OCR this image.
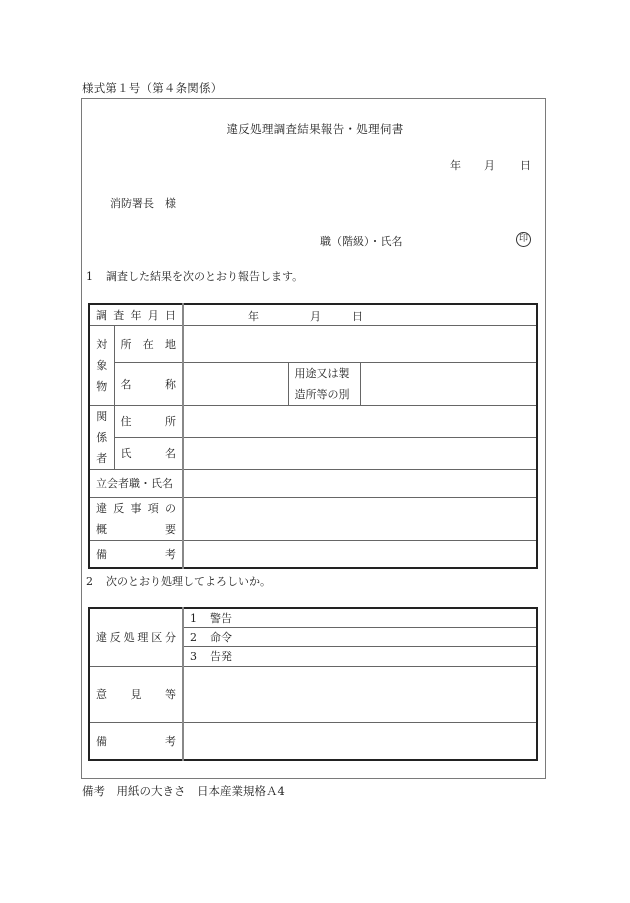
様式第１号（第４条関係）
違反処理調査結果報告・処理伺書
年 月 日
消防署長　様
職（階級）・氏名	印
1 調査した結果を次のとおり報告します。
調 査 年 月 日		年 月 日		

対
象
物	所 在 地			

	名 称		用途又は製
造所等の別	

関
係
者	住 所			

	氏 名			

立会者職・氏名				

違 反 事 項 の
概	要

備 考				

2 次のとおり処理してよろしいか。
違 反 処 理 区 分
	1 警告
	2 命令
	3 告発

意 見 等	

備 考	

備考　用紙の大きさ　日本産業規格Ａ4
